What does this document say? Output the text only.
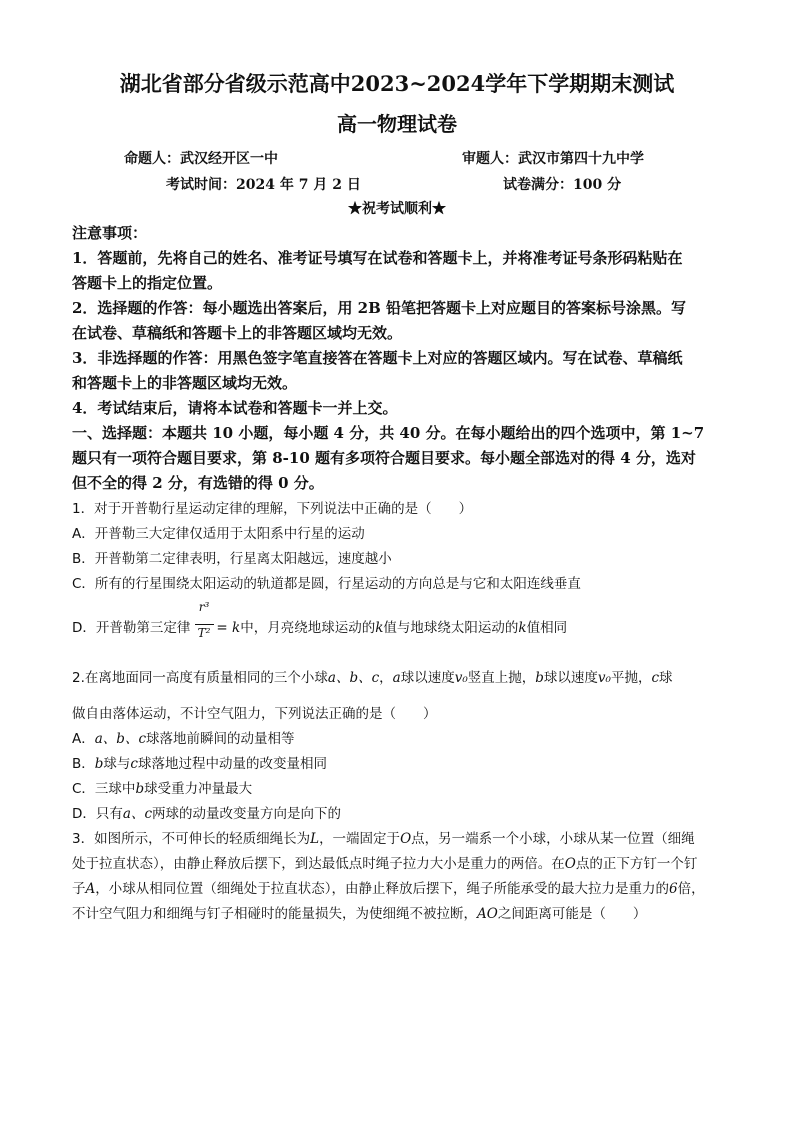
湖北省部分省级示范高中2023~2024学年下学期期末测试
高一物理试卷
命题人：武汉经开区一中	审题人：武汉市第四十九中学
考试时间：2024 年 7 月 2 日	试卷满分：100 分
★祝考试顺利★
注意事项：
1．答题前，先将自己的姓名、准考证号填写在试卷和答题卡上，并将准考证号条形码粘贴在
答题卡上的指定位置。
2．选择题的作答：每小题选出答案后，用 2B 铅笔把答题卡上对应题目的答案标号涂黑。写
在试卷、草稿纸和答题卡上的非答题区域均无效。
3．非选择题的作答：用黑色签字笔直接答在答题卡上对应的答题区域内。写在试卷、草稿纸
和答题卡上的非答题区域均无效。
4．考试结束后，请将本试卷和答题卡一并上交。
一、选择题：本题共 10 小题，每小题 4 分，共 40 分。在每小题给出的四个选项中，第 1~7
题只有一项符合题目要求，第 8-10 题有多项符合题目要求。每小题全部选对的得 4 分，选对
但不全的得 2 分，有选错的得 0 分。
1．对于开普勒行星运动定律的理解，下列说法中正确的是（　　）
A．开普勒三大定律仅适用于太阳系中行星的运动
B．开普勒第二定律表明，行星离太阳越远，速度越小
C．所有的行星围绕太阳运动的轨道都是圆，行星运动的方向总是与它和太阳连线垂直
D．开普勒第三定律 = k中，月亮绕地球运动的k值与地球绕太阳运动的k值相同
r³
T²
2.在离地面同一高度有质量相同的三个小球a、b、c，a球以速度v₀竖直上抛，b球以速度v₀平抛，c球
做自由落体运动，不计空气阻力，下列说法正确的是（　　）
A．a、b、c球落地前瞬间的动量相等
B．b球与c球落地过程中动量的改变量相同
C．三球中b球受重力冲量最大
D．只有a、c两球的动量改变量方向是向下的
3．如图所示，不可伸长的轻质细绳长为L，一端固定于O点，另一端系一个小球，小球从某一位置（细绳
处于拉直状态），由静止释放后摆下，到达最低点时绳子拉力大小是重力的两倍。在O点的正下方钉一个钉
子A，小球从相同位置（细绳处于拉直状态），由静止释放后摆下，绳子所能承受的最大拉力是重力的6倍，
不计空气阻力和细绳与钉子相碰时的能量损失，为使细绳不被拉断，AO之间距离可能是（　　）
